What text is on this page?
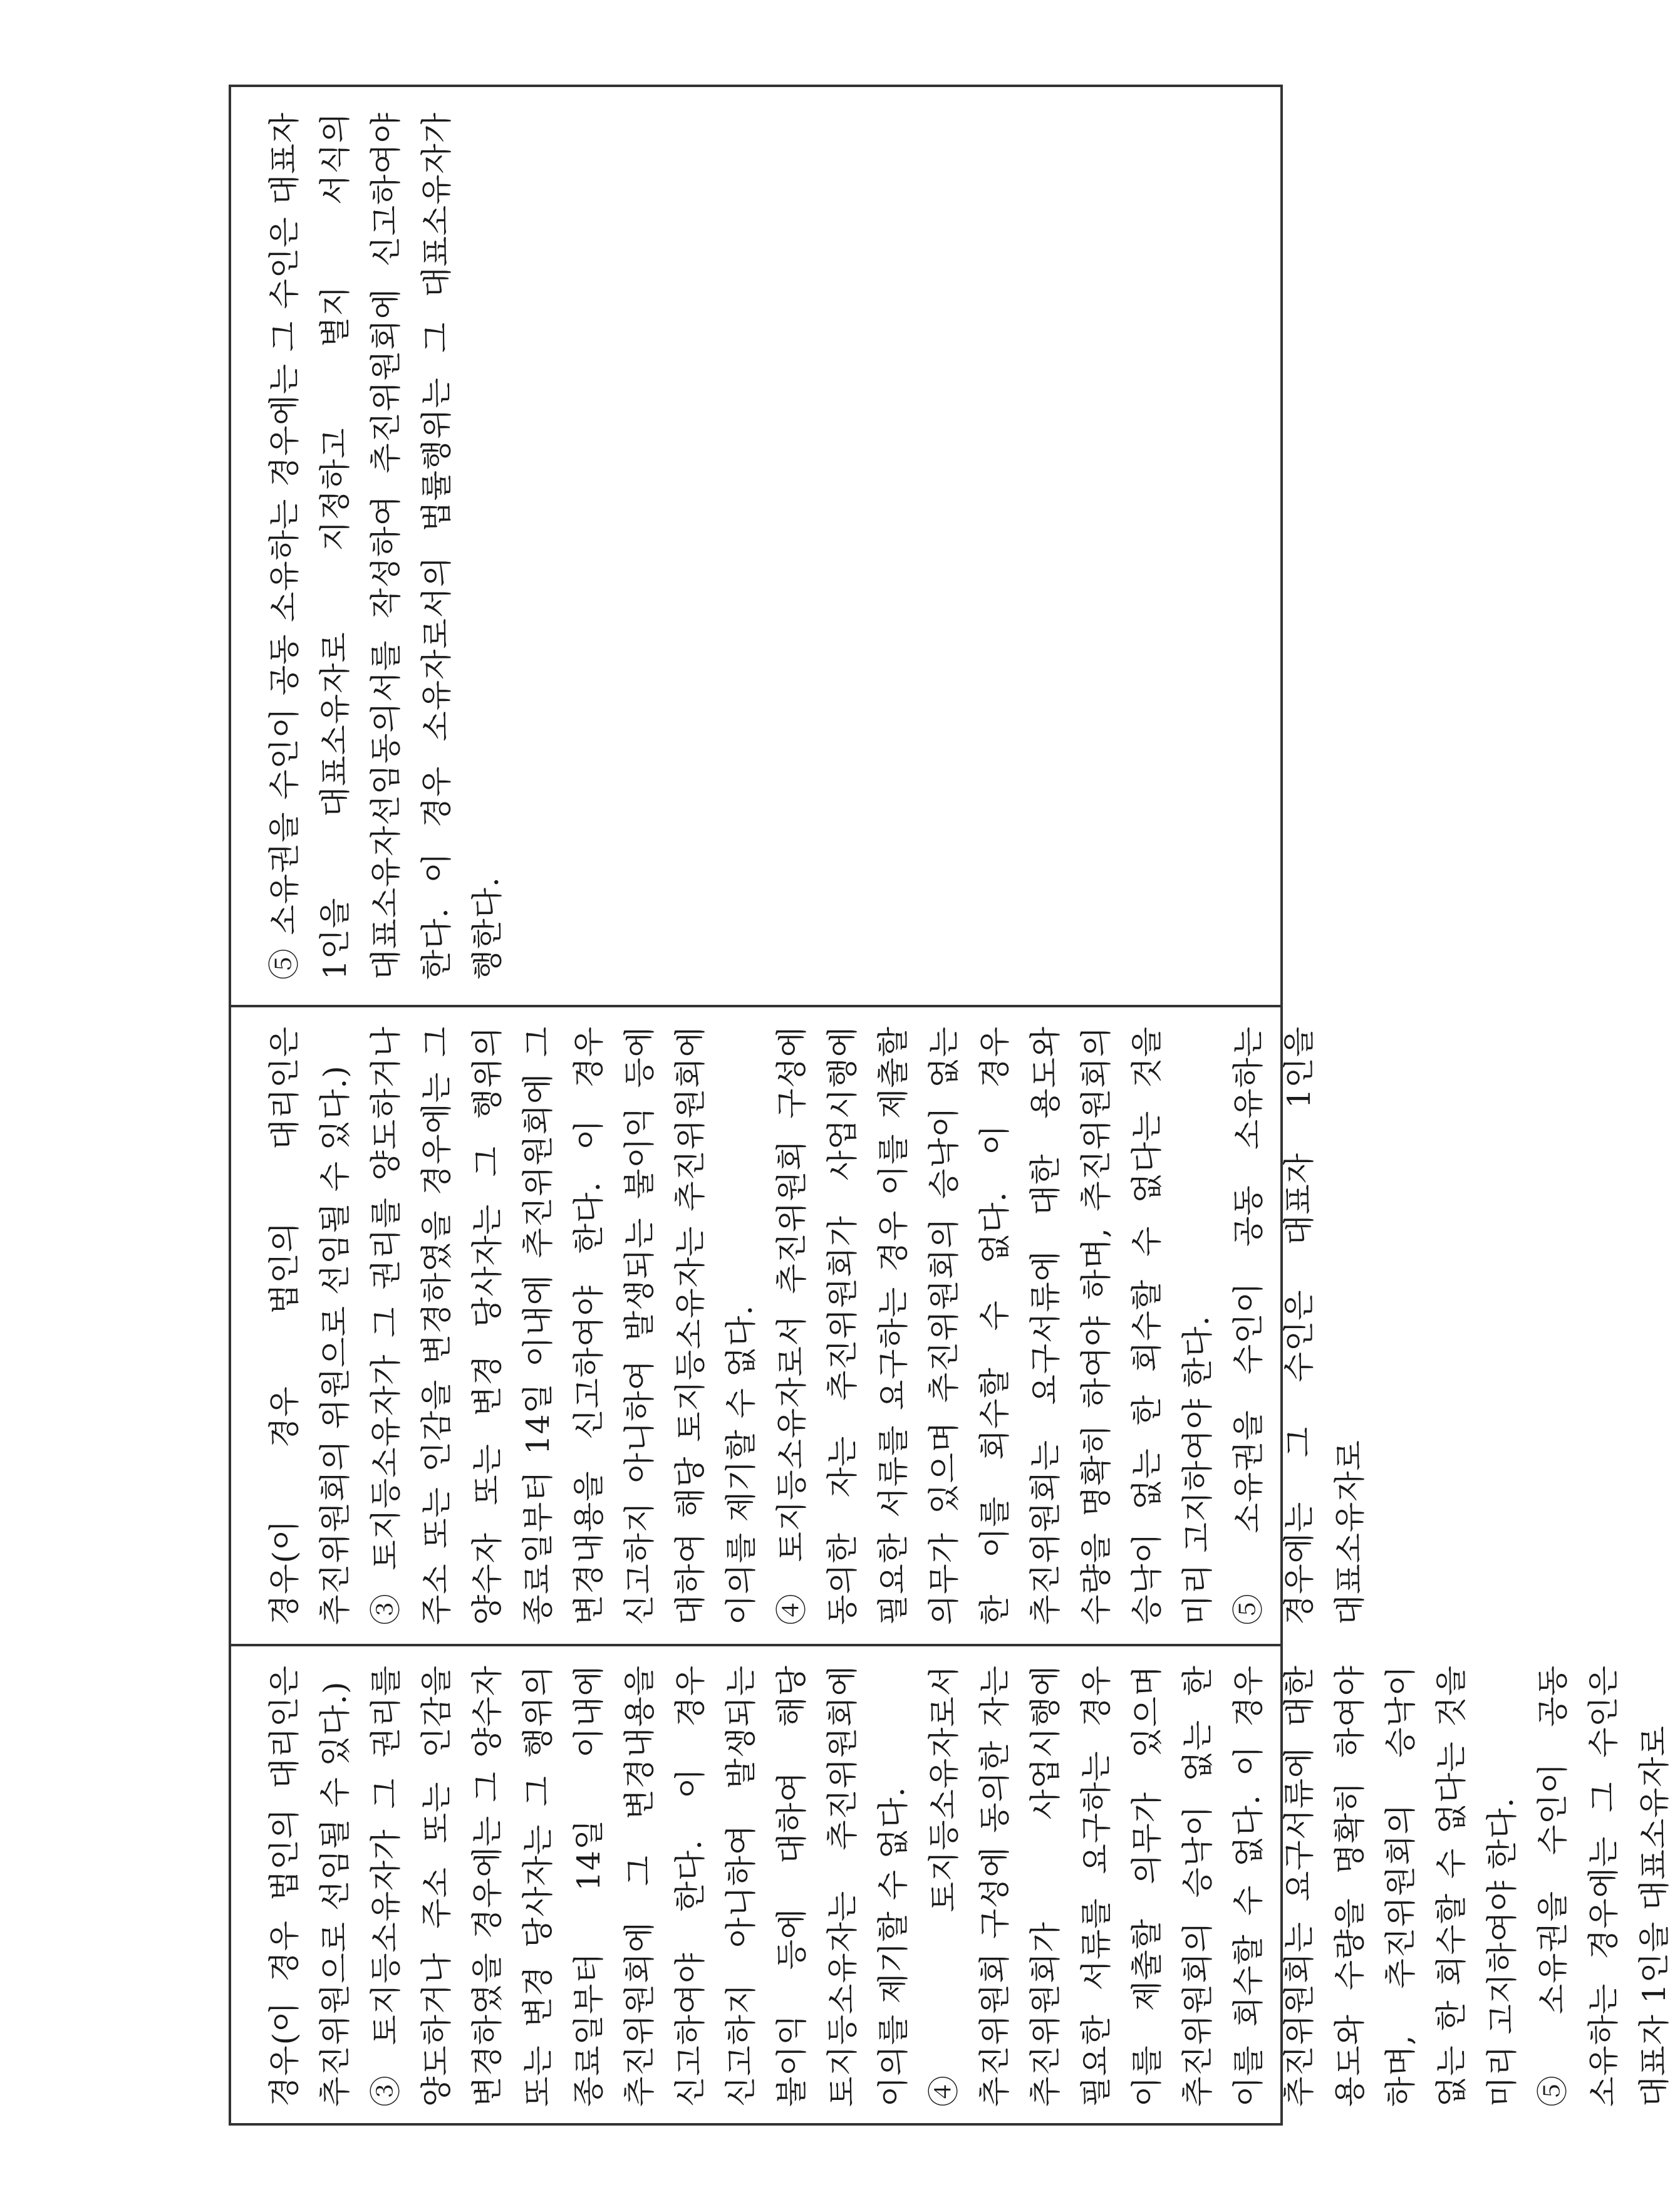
⑤ 소유권을 수인이 공동 소유하는 경우에는 그 수인은 대표자 1인을 대표소유자로 지정하고 별지 서식의 대표소유자선임동의서를 작성하여 추진위원회에 신고하여야 한다. 이 경우 소유자로서의 법률행위는 그 대표소유자가 행한다.

경우(이 경우 법인의 대리인은 추진위원회의 위원으로 선임될 수 있다.) ③ 토지등소유자가 그 권리를 양도하거나 주소 또는 인감을 변경하였을 경우에는 그 양수자 또는 변경 당사자는 그 행위의 종료일부터 14일 이내에 추진위원회에 그 변경내용을 신고하여야 한다. 이 경우 신고하지 아니하여 발생되는 불이익 등에 대하여 해당 토지등소유자는 추진위원회에 이의를 제기할 수 없다. ④ 토지등소유자로서 추진위원회 구성에 동의한 자는 추진위원회가 사업시행에 필요한 서류를 요구하는 경우 이를 제출할 의무가 있으며 추진위원회의 승낙이 없는 한 이를 회수할 수 없다. 이 경우 추진위원회는 요구서류에 대한 용도와 수량을 명확히 하여야 하며, 추진위원회의 승낙이 없는 한 회수할 수 없다는 것을 미리 고지하여야 한다. ⑤ 소유권을 수인이 공동 소유하는 경우에는 그 수인은 대표자 1인을 대표소유자로

경우(이 경우 법인의 대리인은 추진위원으로 선임될 수 있다.) ③ 토지등소유자가 그 권리를 양도하거나 주소 또는 인감을 변경하였을 경우에는 그 양수자 또는 변경 당사자는 그 행위의 종료일부터 14일 이내에 추진위원회에 그 변경내용을 신고하여야 한다. 이 경우 신고하지 아니하여 발생되는 불이익 등에 대하여 해당 토지등소유자는 추진위원회에 이의를 제기할 수 없다. ④ 토지등소유자로서 추진위원회 구성에 동의한 자는 추진위원회가 사업시행에 필요한 서류를 요구하는 경우 이를 제출할 의무가 있으며 추진위원회의 승낙이 없는 한 이를 회수할 수 없다. 이 경우 추진위원회는 요구서류에 대한 용도와 수량을 명확히 하여야 하며, 추진위원회의 승낙이 없는 한 회수할 수 없다는 것을 미리 고지하여야 한다. ⑤ 소유권을 수인이 공동 소유하는 경우에는 그 수인은 대표자 1인을 대표소유자로
